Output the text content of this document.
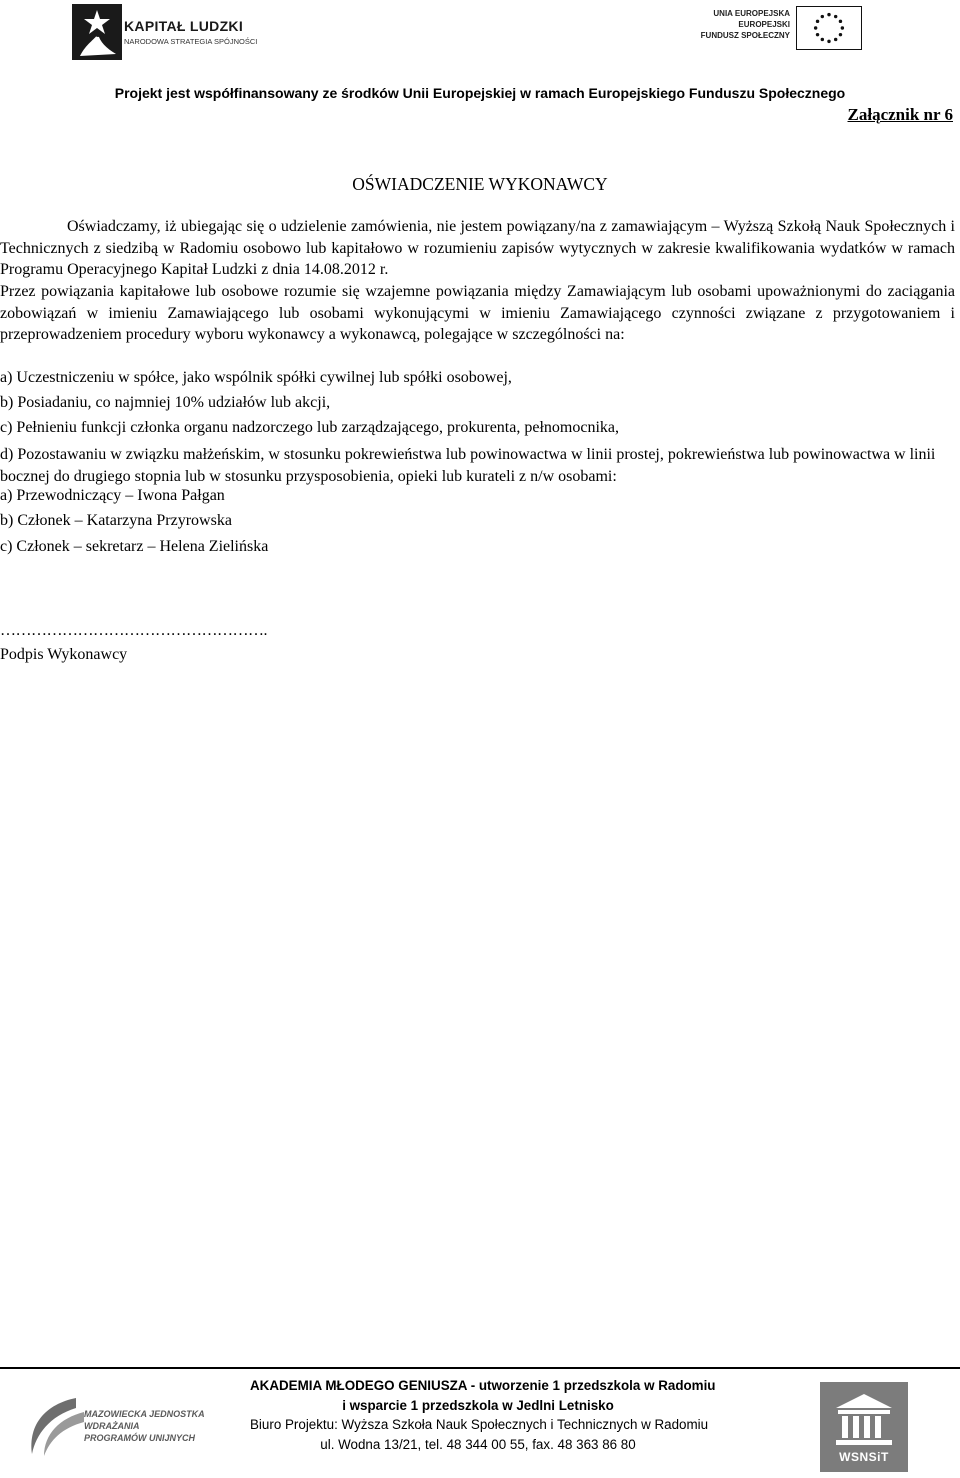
KAPITAŁ LUDZKI
NARODOWA STRATEGIA SPÓJNOŚCI
UNIA EUROPEJSKA
EUROPEJSKI
FUNDUSZ SPOŁECZNY
Projekt jest współfinansowany ze środków Unii Europejskiej w ramach Europejskiego Funduszu Społecznego
Załącznik nr 6
OŚWIADCZENIE WYKONAWCY
Oświadczamy, iż ubiegając się o udzielenie zamówienia, nie jestem powiązany/na z zamawiającym – Wyższą Szkołą Nauk Społecznych i Technicznych z siedzibą w Radomiu osobowo lub kapitałowo w rozumieniu zapisów wytycznych w zakresie kwalifikowania wydatków w ramach Programu Operacyjnego Kapitał Ludzki z dnia 14.08.2012 r.
Przez powiązania kapitałowe lub osobowe rozumie się wzajemne powiązania między Zamawiającym lub osobami upoważnionymi do zaciągania zobowiązań w imieniu Zamawiającego lub osobami wykonującymi w imieniu Zamawiającego czynności związane z przygotowaniem i przeprowadzeniem procedury wyboru wykonawcy a wykonawcą, polegające w szczególności na:
a) Uczestniczeniu w spółce, jako wspólnik spółki cywilnej lub spółki osobowej,
b) Posiadaniu, co najmniej 10% udziałów lub akcji,
c) Pełnieniu funkcji członka organu nadzorczego lub zarządzającego, prokurenta, pełnomocnika,
d) Pozostawaniu w związku małżeńskim, w stosunku pokrewieństwa lub powinowactwa w linii prostej, pokrewieństwa lub powinowactwa w linii bocznej do drugiego stopnia lub w stosunku przysposobienia, opieki lub kurateli z n/w osobami:
a) Przewodniczący – Iwona Pałgan
b) Członek – Katarzyna Przyrowska
c) Członek – sekretarz – Helena Zielińska
…………………………………………….
Podpis Wykonawcy
MAZOWIECKA JEDNOSTKA
WDRAŻANIA
PROGRAMÓW UNIJNYCH
AKADEMIA MŁODEGO GENIUSZA - utworzenie 1 przedszkola w Radomiu
i wsparcie 1 przedszkola w Jedlni Letnisko
Biuro Projektu: Wyższa Szkoła Nauk Społecznych i Technicznych w Radomiu
ul. Wodna 13/21, tel. 48 344 00 55, fax. 48 363 86 80
WSNSiT
